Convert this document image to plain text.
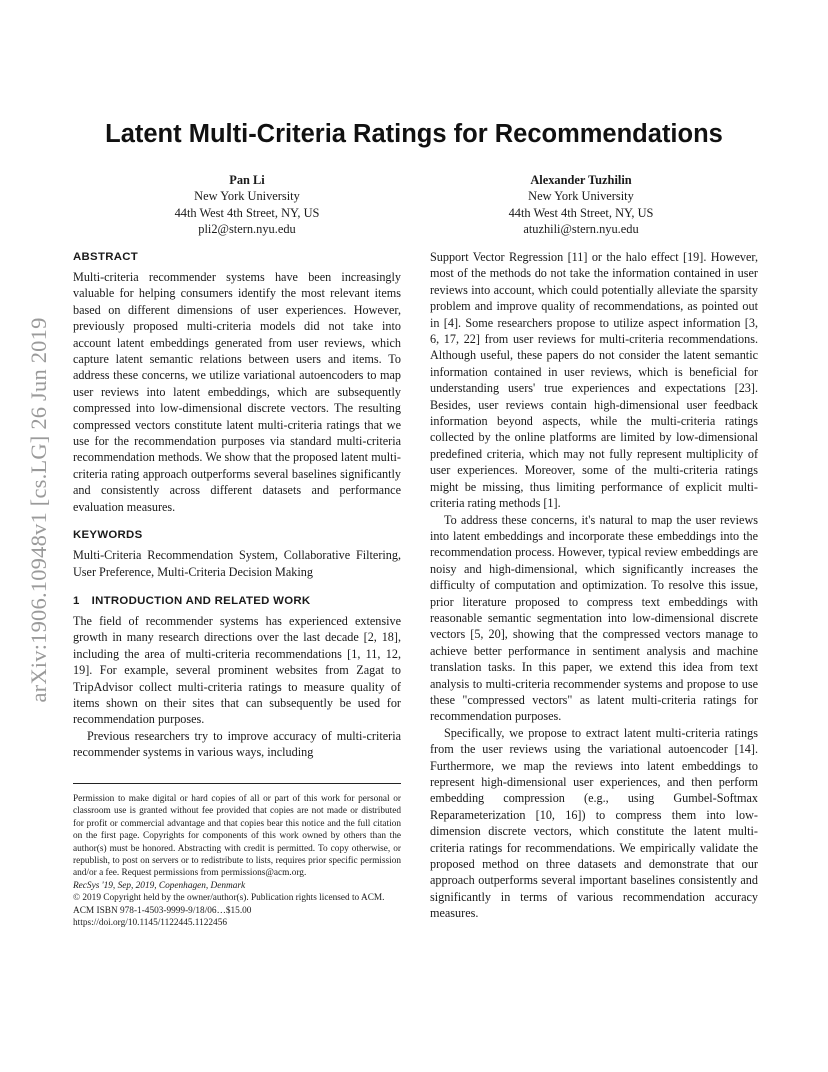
arXiv:1906.10948v1 [cs.LG] 26 Jun 2019
Latent Multi-Criteria Ratings for Recommendations
Pan Li
New York University
44th West 4th Street, NY, US
pli2@stern.nyu.edu
Alexander Tuzhilin
New York University
44th West 4th Street, NY, US
atuzhili@stern.nyu.edu
ABSTRACT

Multi-criteria recommender systems have been increasingly valuable for helping consumers identify the most relevant items based on different dimensions of user experiences. However, previously proposed multi-criteria models did not take into account latent embeddings generated from user reviews, which capture latent semantic relations between users and items. To address these concerns, we utilize variational autoencoders to map user reviews into latent embeddings, which are subsequently compressed into low-dimensional discrete vectors. The resulting compressed vectors constitute latent multi-criteria ratings that we use for the recommendation purposes via standard multi-criteria recommendation methods. We show that the proposed latent multi-criteria rating approach outperforms several baselines significantly and consistently across different datasets and performance evaluation measures.

KEYWORDS

Multi-Criteria Recommendation System, Collaborative Filtering, User Preference, Multi-Criteria Decision Making

1 INTRODUCTION AND RELATED WORK

The field of recommender systems has experienced extensive growth in many research directions over the last decade [2, 18], including the area of multi-criteria recommendations [1, 11, 12, 19]. For example, several prominent websites from Zagat to TripAdvisor collect multi-criteria ratings to measure quality of items shown on their sites that can subsequently be used for recommendation purposes.

Previous researchers try to improve accuracy of multi-criteria recommender systems in various ways, including

Permission to make digital or hard copies of all or part of this work for personal or classroom use is granted without fee provided that copies are not made or distributed for profit or commercial advantage and that copies bear this notice and the full citation on the first page. Copyrights for components of this work owned by others than the author(s) must be honored. Abstracting with credit is permitted. To copy otherwise, or republish, to post on servers or to redistribute to lists, requires prior specific permission and/or a fee. Request permissions from permissions@acm.org.

RecSys '19, Sep, 2019, Copenhagen, Denmark

© 2019 Copyright held by the owner/author(s). Publication rights licensed to ACM.

ACM ISBN 978-1-4503-9999-9/18/06…$15.00

https://doi.org/10.1145/1122445.1122456

Support Vector Regression [11] or the halo effect [19]. However, most of the methods do not take the information contained in user reviews into account, which could potentially alleviate the sparsity problem and improve quality of recommendations, as pointed out in [4]. Some researchers propose to utilize aspect information [3, 6, 17, 22] from user reviews for multi-criteria recommendations. Although useful, these papers do not consider the latent semantic information contained in user reviews, which is beneficial for understanding users' true experiences and expectations [23]. Besides, user reviews contain high-dimensional user feedback information beyond aspects, while the multi-criteria ratings collected by the online platforms are limited by low-dimensional predefined criteria, which may not fully represent multiplicity of user experiences. Moreover, some of the multi-criteria ratings might be missing, thus limiting performance of explicit multi-criteria rating methods [1].

To address these concerns, it's natural to map the user reviews into latent embeddings and incorporate these embeddings into the recommendation process. However, typical review embeddings are noisy and high-dimensional, which significantly increases the difficulty of computation and optimization. To resolve this issue, prior literature proposed to compress text embeddings with reasonable semantic segmentation into low-dimensional discrete vectors [5, 20], showing that the compressed vectors manage to achieve better performance in sentiment analysis and machine translation tasks. In this paper, we extend this idea from text analysis to multi-criteria recommender systems and propose to use these "compressed vectors" as latent multi-criteria ratings for recommendation purposes.

Specifically, we propose to extract latent multi-criteria ratings from the user reviews using the variational autoencoder [14]. Furthermore, we map the reviews into latent embeddings to represent high-dimensional user experiences, and then perform embedding compression (e.g., using Gumbel-Softmax Reparameterization [10, 16]) to compress them into low-dimension discrete vectors, which constitute the latent multi-criteria ratings for recommendations. We empirically validate the proposed method on three datasets and demonstrate that our approach outperforms several important baselines consistently and significantly in terms of various recommendation accuracy measures.
